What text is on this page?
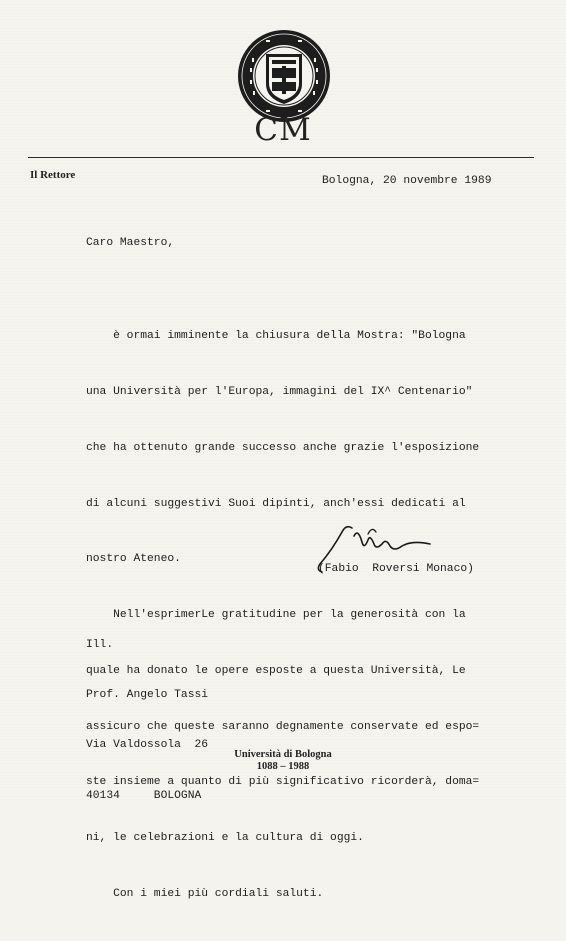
CM
Il Rettore	Bologna, 20 novembre 1989
Caro Maestro,

è ormai imminente la chiusura della Mostra: "Bologna

una Università per l'Europa, immagini del IX^ Centenario"

che ha ottenuto grande successo anche grazie l'esposizione

di alcuni suggestivi Suoi dipinti, anch'essi dedicati al

nostro Ateneo.

Nell'esprimerLe gratitudine per la generosità con la

quale ha donato le opere esposte a questa Università, Le

assicuro che queste saranno degnamente conservate ed espo=

ste insieme a quanto di più significativo ricorderà, doma=

ni, le celebrazioni e la cultura di oggi.

Con i miei più cordiali saluti.

(Fabio  Roversi Monaco)

Ill.

Prof. Angelo Tassi

Via Valdossola  26

40134     BOLOGNA

Università di Bologna
1088 – 1988
